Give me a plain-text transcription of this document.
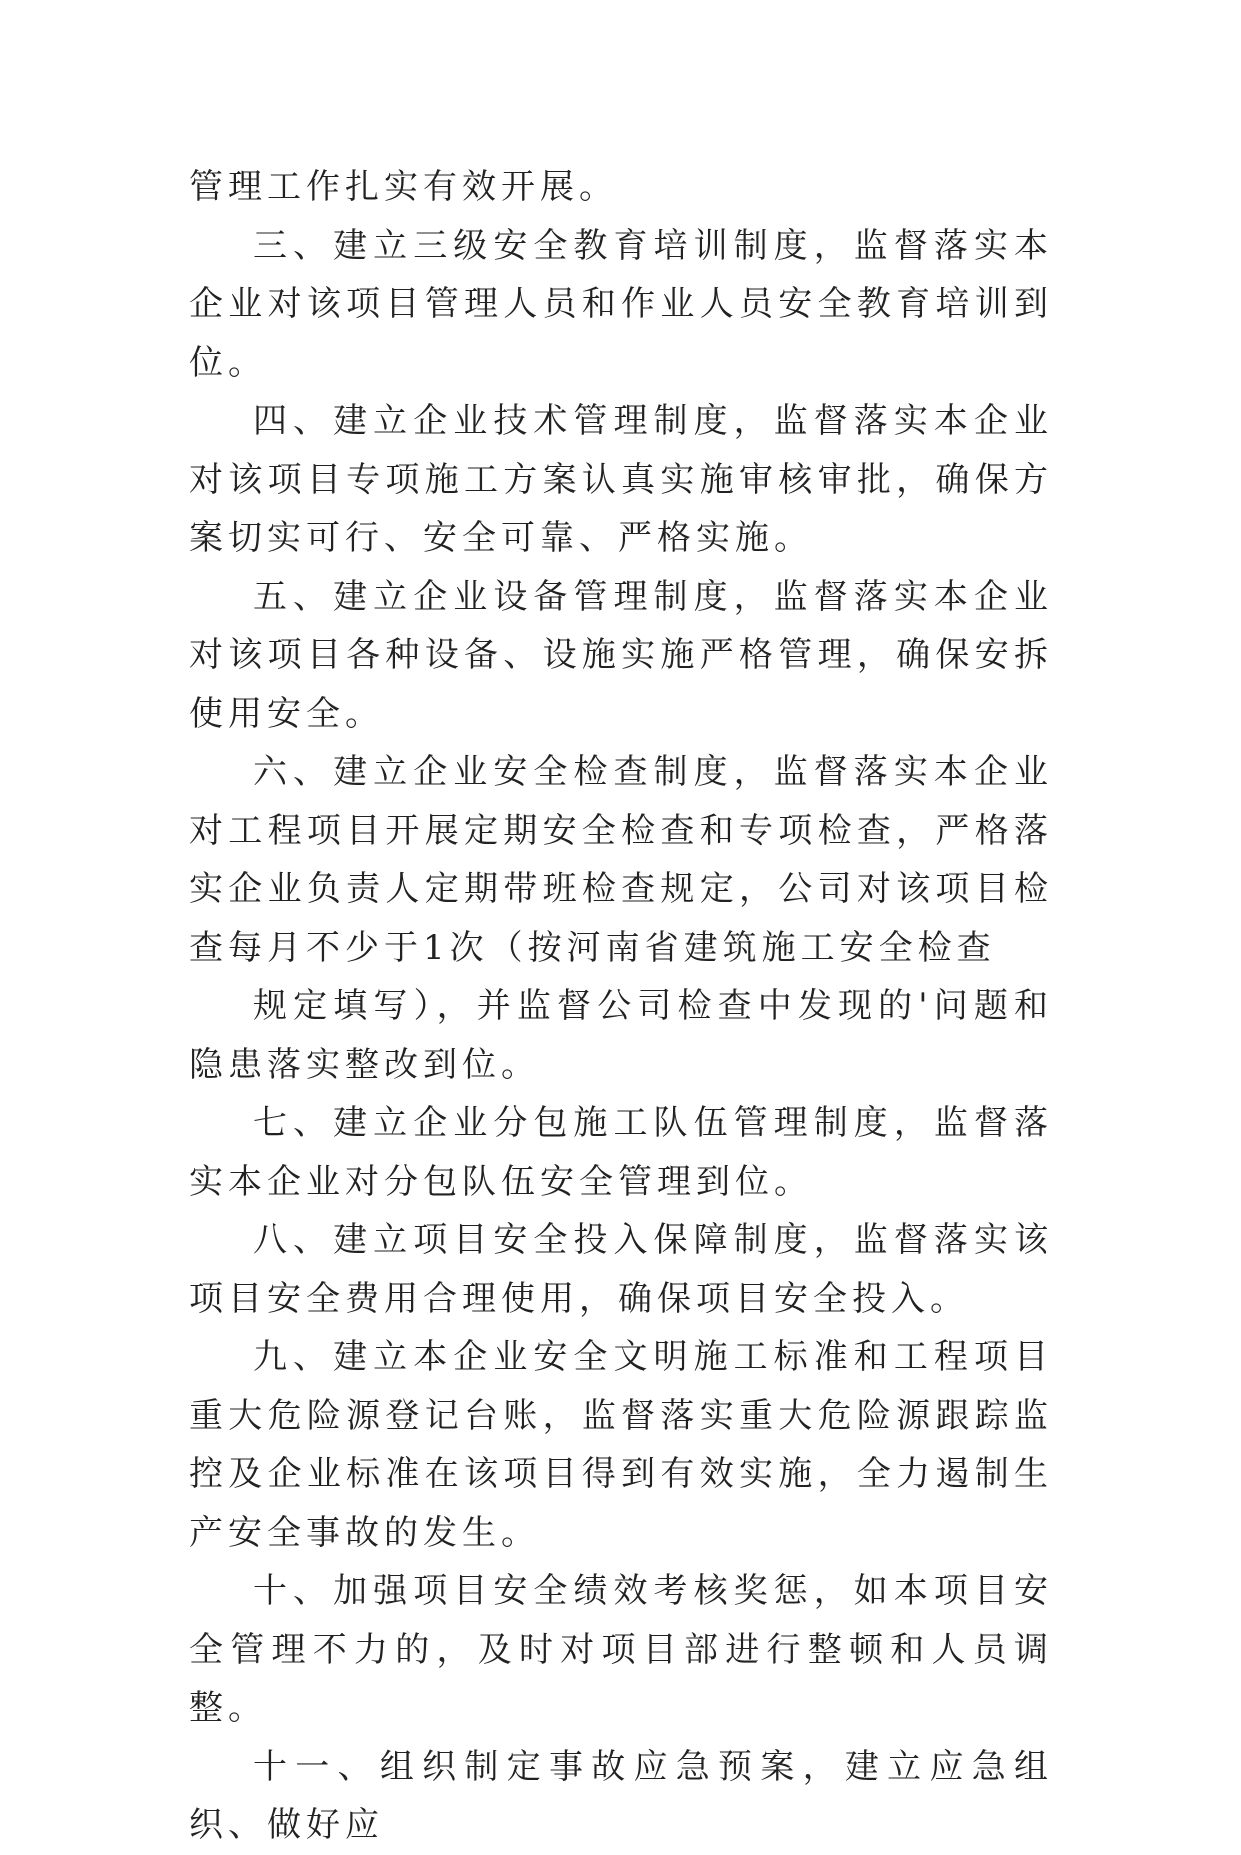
管理工作扎实有效开展。

三、建立三级安全教育培训制度，监督落实本企业对该项目管理人员和作业人员安全教育培训到位。

四、建立企业技术管理制度，监督落实本企业对该项目专项施工方案认真实施审核审批，确保方案切实可行、安全可靠、严格实施。

五、建立企业设备管理制度，监督落实本企业对该项目各种设备、设施实施严格管理，确保安拆使用安全。

六、建立企业安全检查制度，监督落实本企业对工程项目开展定期安全检查和专项检查，严格落实企业负责人定期带班检查规定，公司对该项目检查每月不少于1次（按河南省建筑施工安全检查

规定填写），并监督公司检查中发现的'问题和隐患落实整改到位。

七、建立企业分包施工队伍管理制度，监督落实本企业对分包队伍安全管理到位。

八、建立项目安全投入保障制度，监督落实该项目安全费用合理使用，确保项目安全投入。

九、建立本企业安全文明施工标准和工程项目重大危险源登记台账，监督落实重大危险源跟踪监控及企业标准在该项目得到有效实施，全力遏制生产安全事故的发生。

十、加强项目安全绩效考核奖惩，如本项目安全管理不力的，及时对项目部进行整顿和人员调整。

十一、组织制定事故应急预案，建立应急组织、做好应
